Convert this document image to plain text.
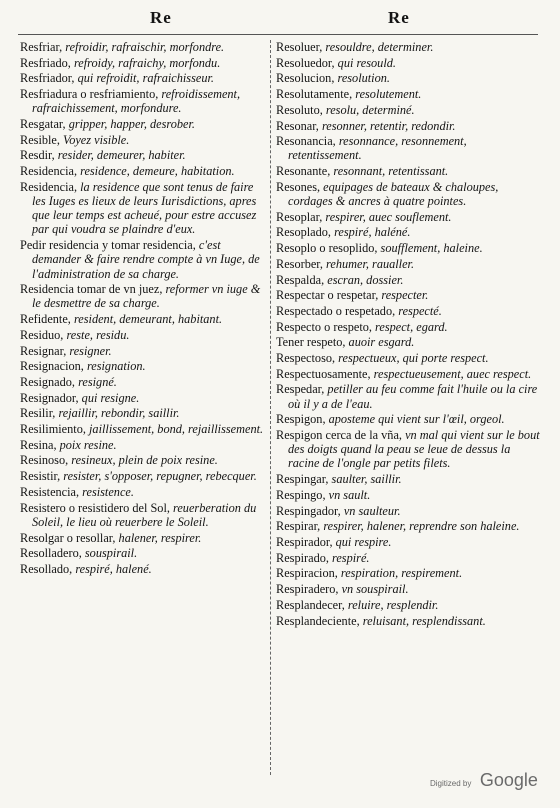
Re	Re

Resfriar, refroidir, rafraischir, morfondre.

Resfriado, refroidy, rafraichy, morfondu.

Resfriador, qui refroidit, rafraichisseur.

Resfriadura o resfriamiento, refroidissement, rafraichissement, morfondure.

Resgatar, gripper, happer, desrober.

Resible, Voyez visible.

Resdir, resider, demeurer, habiter.

Residencia, residence, demeure, habitation.

Residencia, la residence que sont tenus de faire les Iuges es lieux de leurs Iurisdictions, apres que leur temps est acheué, pour estre accusez par qui voudra se plaindre d'eux.

Pedir residencia y tomar residencia, c'est demander & faire rendre compte à vn Iuge, de l'administration de sa charge.

Residencia tomar de vn juez, reformer vn iuge & le desmettre de sa charge.

Refidente, resident, demeurant, habitant.

Residuo, reste, residu.

Resignar, resigner.

Resignacion, resignation.

Resignado, resigné.

Resignador, qui resigne.

Resilir, rejaillir, rebondir, saillir.

Resilimiento, jaillissement, bond, rejaillissement.

Resina, poix resine.

Resinoso, resineux, plein de poix resine.

Resistir, resister, s'opposer, repugner, rebecquer.

Resistencia, resistence.

Resistero o resistidero del Sol, reuerberation du Soleil, le lieu où reuerbere le Soleil.

Resolgar o resollar, halener, respirer.

Resolladero, souspirail.

Resollado, respiré, halené.

Resoluer, resouldre, determiner.

Resoluedor, qui resould.

Resolucion, resolution.

Resolutamente, resolutement.

Resoluto, resolu, determiné.

Resonar, resonner, retentir, redondir.

Resonancia, resonnance, resonnement, retentissement.

Resonante, resonnant, retentissant.

Resones, equipages de bateaux & chaloupes, cordages & ancres à quatre pointes.

Resoplar, respirer, auec souflement.

Resoplado, respiré, haléné.

Resoplo o resoplido, soufflement, haleine.

Resorber, rehumer, raualler.

Respalda, escran, dossier.

Respectar o respetar, respecter.

Respectado o respetado, respecté.

Respecto o respeto, respect, egard.

Tener respeto, auoir esgard.

Respectoso, respectueux, qui porte respect.

Respectuosamente, respectueusement, auec respect.

Respedar, petiller au feu comme fait l'huile ou la cire où il y a de l'eau.

Respigon, aposteme qui vient sur l'œil, orgeol.

Respigon cerca de la vña, vn mal qui vient sur le bout des doigts quand la peau se leue de dessus la racine de l'ongle par petits filets.

Respingar, saulter, saillir.

Respingo, vn sault.

Respingador, vn saulteur.

Respirar, respirer, halener, reprendre son haleine.

Respirador, qui respire.

Respirado, respiré.

Respiracion, respiration, respirement.

Respiradero, vn souspirail.

Resplandecer, reluire, resplendir.

Resplandeciente, reluisant, resplendissant.

Digitized by Google
